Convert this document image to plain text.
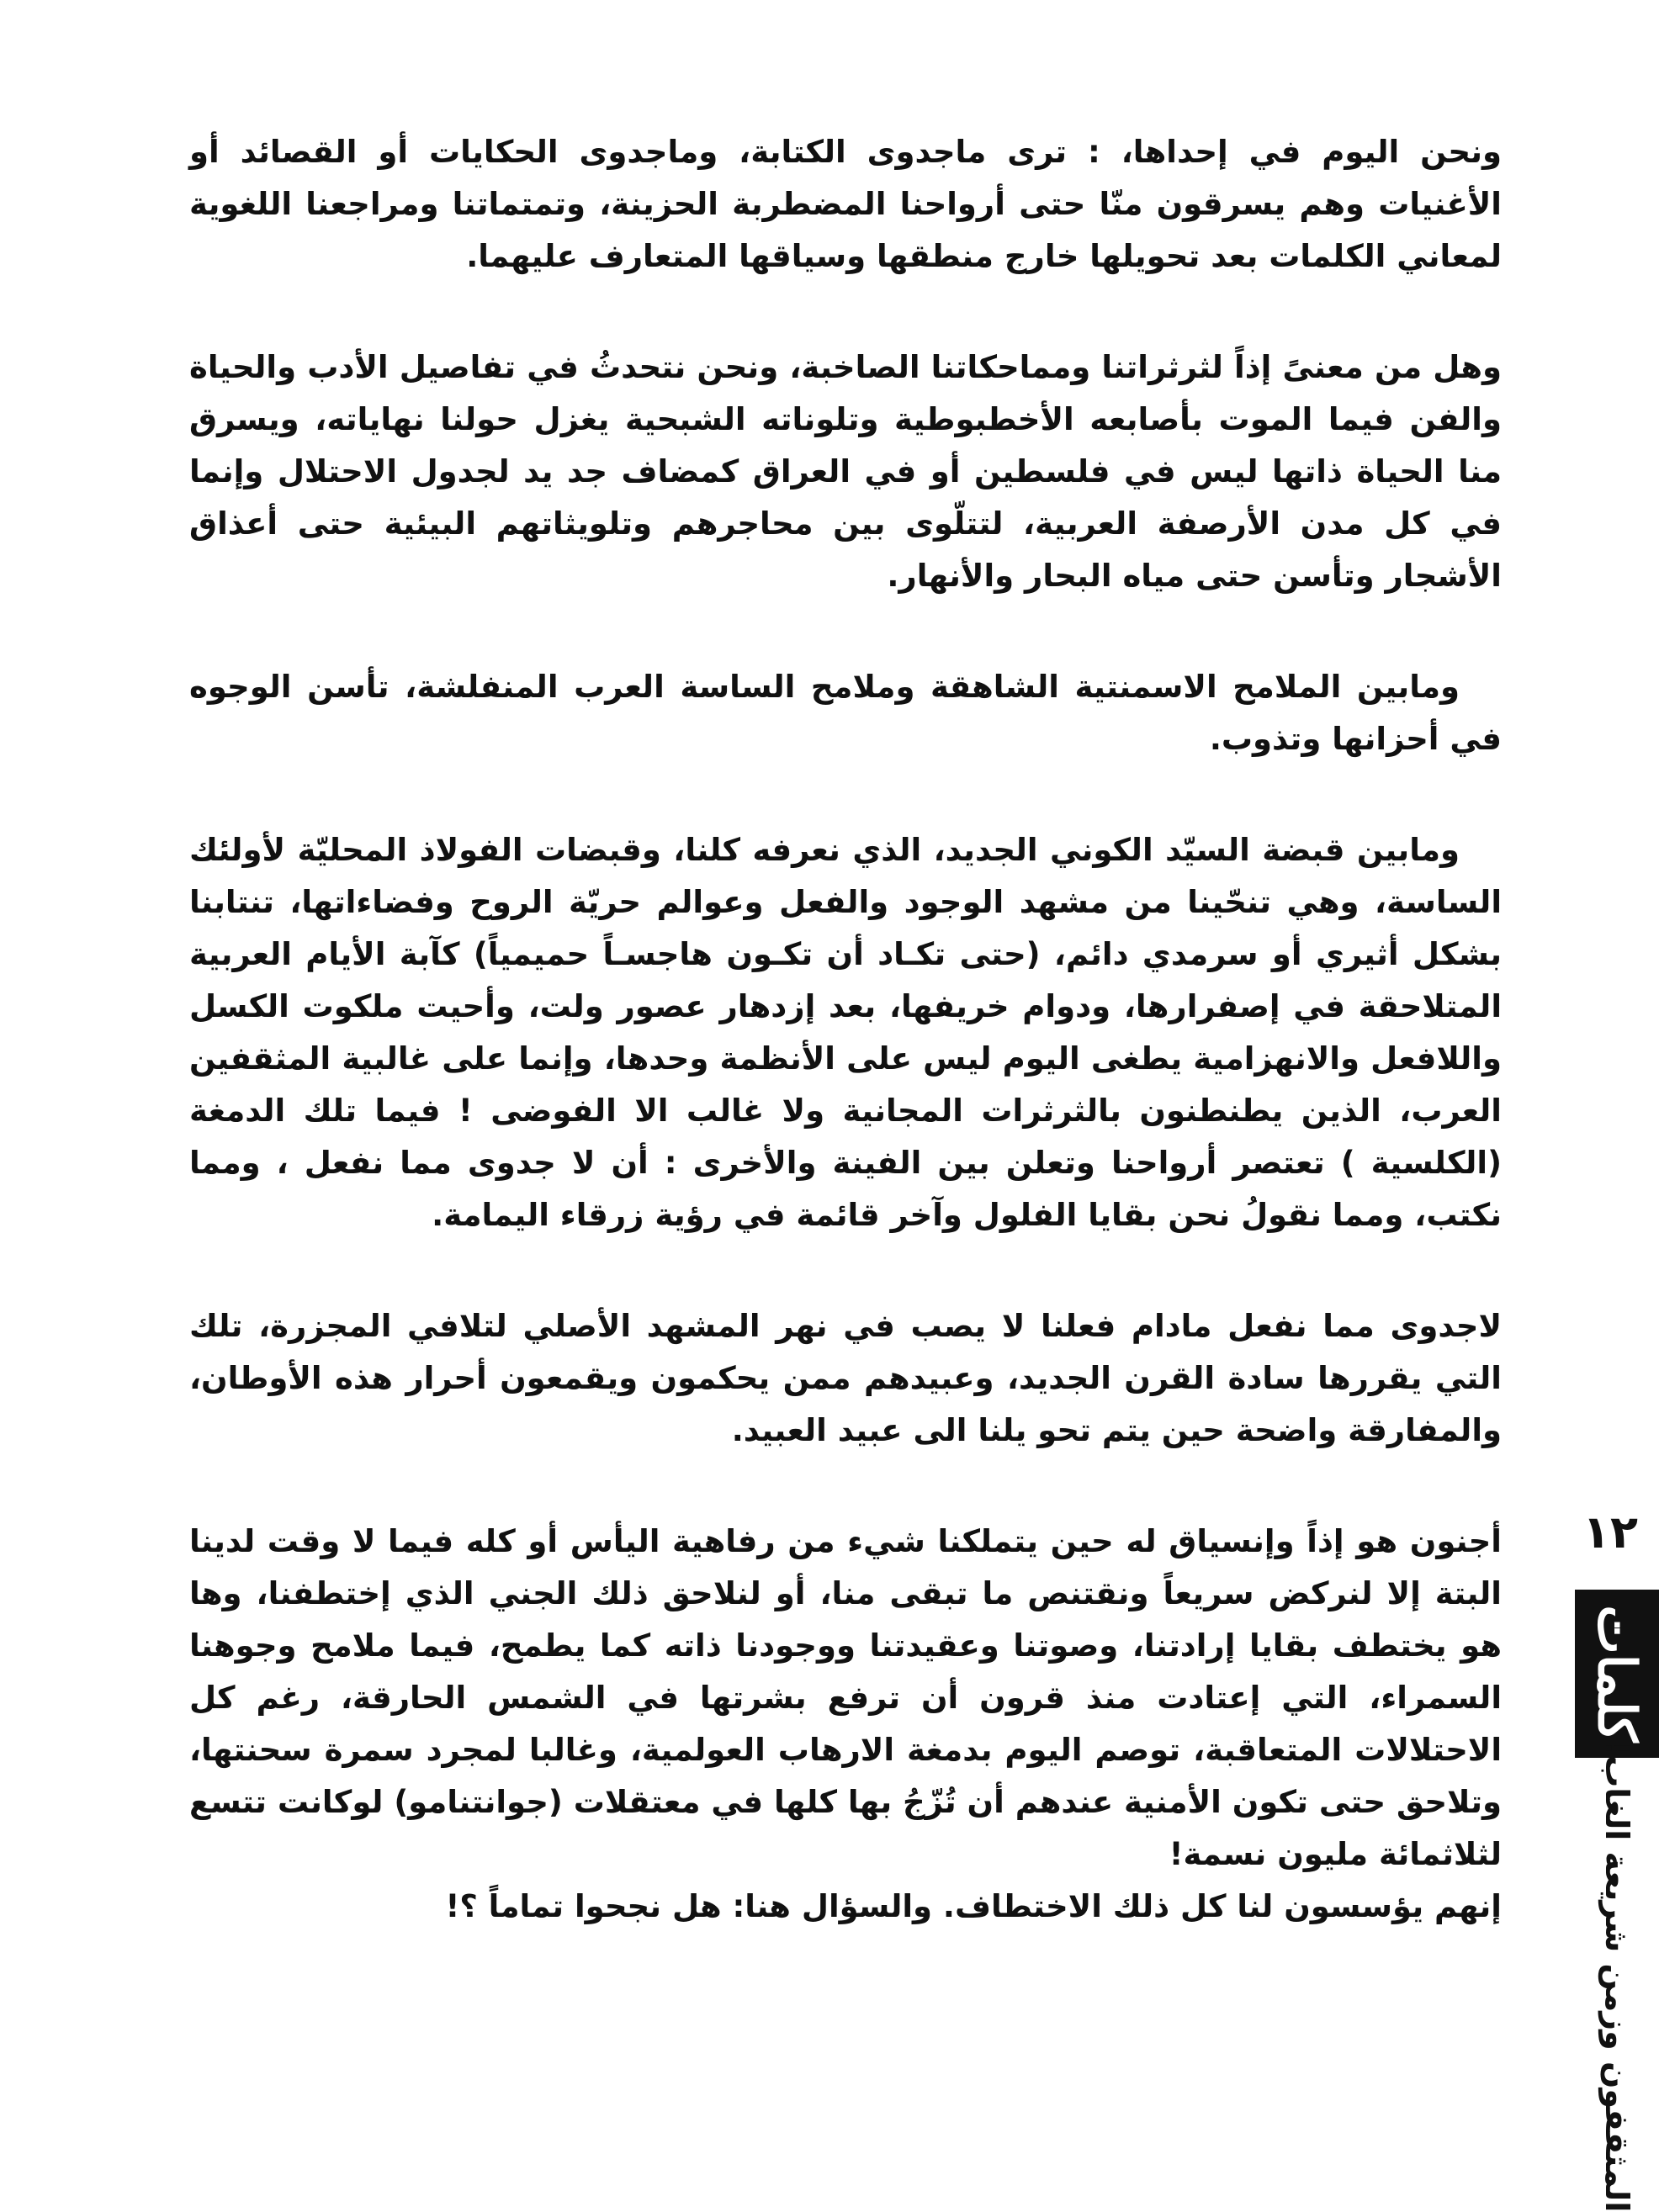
ونحن اليوم في إحداها، : ترى ماجدوى الكتابة، وماجدوى الحكايات أو القصائد أو الأغنيات وهم يسرقون منّا حتى أرواحنا المضطربة الحزينة، وتمتماتنا ومراجعنا اللغوية لمعاني الكلمات بعد تحويلها خارج منطقها وسياقها المتعارف عليهما.

وهل من معنىً إذاً لثرثراتنا ومماحكاتنا الصاخبة، ونحن نتحدثُ في تفاصيل الأدب والحياة والفن فيما الموت بأصابعه الأخطبوطية وتلوناته الشبحية يغزل حولنا نهاياته، ويسرق منا الحياة ذاتها ليس في فلسطين أو في العراق كمضاف جد يد لجدول الاحتلال وإنما في كل مدن الأرصفة العربية، لتتلّوى بين محاجرهم وتلويثاتهم البيئية حتى أعذاق الأشجار وتأسن حتى مياه البحار والأنهار.

ومابين الملامح الاسمنتية الشاهقة وملامح الساسة العرب المنفلشة، تأسن الوجوه في أحزانها وتذوب.

ومابين قبضة السيّد الكوني الجديد، الذي نعرفه كلنا، وقبضات الفولاذ المحليّة لأولئك الساسة، وهي تنحّينا من مشهد الوجود والفعل وعوالم حريّة الروح وفضاءاتها، تنتابنا بشكل أثيري أو سرمدي دائم، (حتى تكـاد أن تكـون هاجسـاً حميمياً) كآبة الأيام العربية المتلاحقة في إصفرارها، ودوام خريفها، بعد إزدهار عصور ولت، وأحيت ملكوت الكسل واللافعل والانهزامية يطغى اليوم ليس على الأنظمة وحدها، وإنما على غالبية المثقفين العرب، الذين يطنطنون بالثرثرات المجانية ولا غالب الا الفوضى ! فيما تلك الدمغة (الكلسية ) تعتصر أرواحنا وتعلن بين الفينة والأخرى : أن لا جدوى مما نفعل ، ومما نكتب، ومما نقولُ نحن بقايا الفلول وآخر قائمة في رؤية زرقاء اليمامة.

لاجدوى مما نفعل مادام فعلنا لا يصب في نهر المشهد الأصلي لتلافي المجزرة، تلك التي يقررها سادة القرن الجديد، وعبيدهم ممن يحكمون ويقمعون أحرار هذه الأوطان، والمفارقة واضحة حين يتم تحو يلنا الى عبيد العبيد.

أجنون هو إذاً وإنسياق له حين يتملكنا شيء من رفاهية اليأس أو كله فيما لا وقت لدينا البتة إلا لنركض سريعاً ونقتنص ما تبقى منا، أو لنلاحق ذلك الجني الذي إختطفنا، وها هو يختطف بقايا إرادتنا، وصوتنا وعقيدتنا ووجودنا ذاته كما يطمح، فيما ملامح وجوهنا السمراء، التي إعتادت منذ قرون أن ترفع بشرتها في الشمس الحارقة، رغم كل الاحتلالات المتعاقبة، توصم اليوم بدمغة الارهاب العولمية، وغالبا لمجرد سمرة سحنتها، وتلاحق حتى تكون الأمنية عندهم أن تُزّجُ بها كلها في معتقلات (جوانتنامو) لوكانت تتسع لثلاثمائة مليون نسمة!

إنهم يؤسسون لنا كل ذلك الاختطاف. والسؤال هنا: هل نجحوا تماماً ؟!

١٢
كلمات
المثقفون وزمن شريعة الغاب!
